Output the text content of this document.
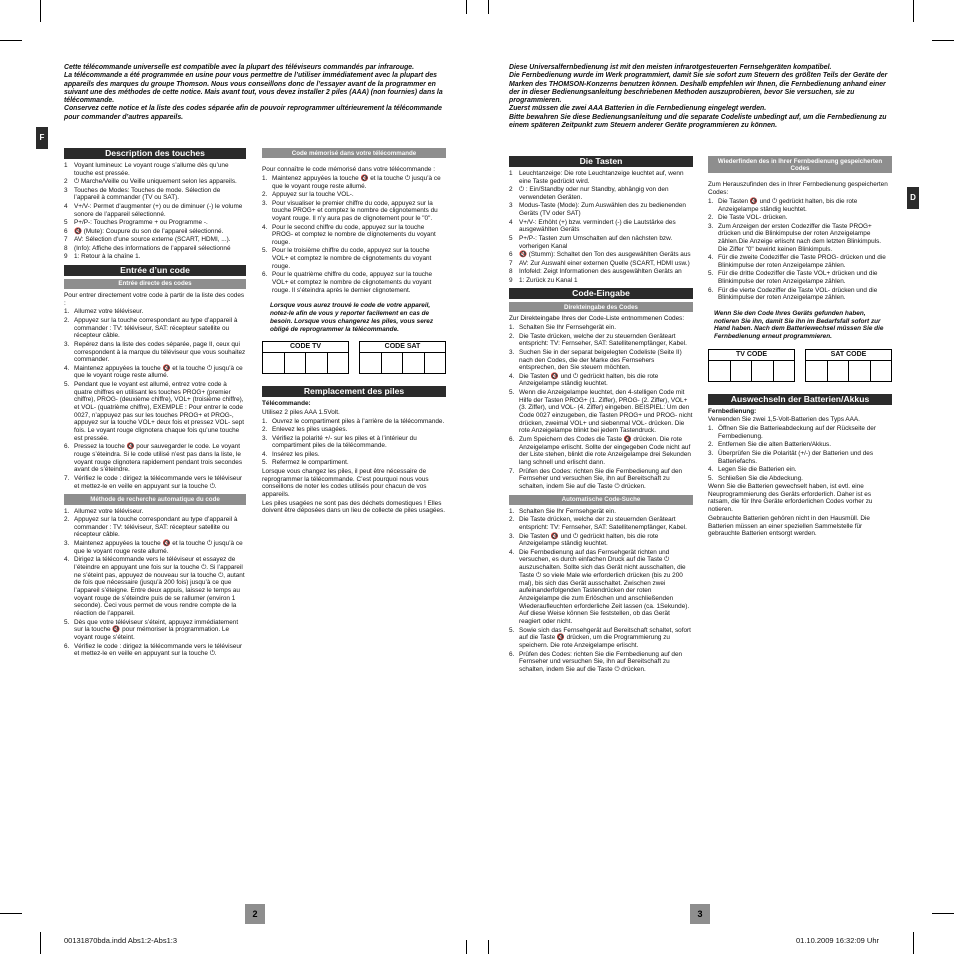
F

Cette télécommande universelle est compatible avec la plupart des téléviseurs commandés par infrarouge.

La télécommande a été programmée en usine pour vous permettre de l’utiliser immédiatement avec la plupart des appareils des marques du groupe Thomson. Nous vous conseillons donc de l’essayer avant de la programmer en suivant une des méthodes de cette notice. Mais avant tout, vous devez installer 2 piles (AAA) (non fournies) dans la télécommande.

Conservez cette notice et la liste des codes séparée afin de pouvoir reprogrammer ultérieurement la télécommande pour commander d’autres appareils.

Description des touches
1	Voyant lumineux: Le voyant rouge s’allume dès qu’une touche est pressée.
2	⏻ Marche/Veille ou Veille uniquement selon les appareils.
3	Touches de Modes: Touches de mode. Sélection de l’appareil à commander (TV ou SAT).
4	V+/V-: Permet d’augmenter (+) ou de diminuer (-) le volume sonore de l’appareil sélectionné.
5	P+/P-: Touches Programme + ou Programme -.
6	🔇 (Mute): Coupure du son de l’appareil sélectionné.
7	AV: Sélection d’une source externe (SCART, HDMI, ...).
8	(Info): Affiche des informations de l’appareil sélectionné
9	1: Retour à la chaîne 1.
Entrée d’un code
Entrée directe des codes

Pour entrer directement votre code à partir de la liste des codes :

1. Allumez votre téléviseur.
2. Appuyez sur la touche correspondant au type d’appareil à commander : TV: téléviseur, SAT: récepteur satellite ou récepteur câble.
3. Repérez dans la liste des codes séparée, page II, ceux qui correspondent à la marque du téléviseur que vous souhaitez commander.
4. Maintenez appuyées la touche 🔇 et la touche ⏻ jusqu’à ce que le voyant rouge reste allumé.
5. Pendant que le voyant est allumé, entrez votre code à quatre chiffres en utilisant les touches PROG+ (premier chiffre), PROG- (deuxième chiffre), VOL+ (troisième chiffre), et VOL- (quatrième chiffre), EXEMPLE : Pour entrer le code 0027, n’appuyez pas sur les touches PROG+ et PROG-, appuyez sur la touche VOL+ deux fois et pressez VOL- sept fois. Le voyant rouge clignotera chaque fois qu’une touche est pressée.
6. Pressez la touche 🔇 pour sauvegarder le code. Le voyant rouge s’éteindra. Si le code utilisé n’est pas dans la liste, le voyant rouge clignotera rapidement pendant trois secondes avant de s’éteindre.
7. Vérifiez le code : dirigez la télécommande vers le téléviseur et mettez-le en veille en appuyant sur la touche ⏻.
Méthode de recherche automatique du code
1. Allumez votre téléviseur.
2. Appuyez sur la touche correspondant au type d’appareil à commander : TV: téléviseur, SAT: récepteur satellite ou récepteur câble.
3. Maintenez appuyées la touche 🔇 et la touche ⏻ jusqu’à ce que le voyant rouge reste allumé.
4. Dirigez la télécommande vers le téléviseur et essayez de l’éteindre en appuyant une fois sur la touche ⏻. Si l’appareil ne s’éteint pas, appuyez de nouveau sur la touche ⏻, autant de fois que nécessaire (jusqu’à 200 fois) jusqu’à ce que l’appareil s’éteigne. Entre deux appuis, laissez le temps au voyant rouge de s’éteindre puis de se rallumer (environ 1 seconde). Ceci vous permet de vous rendre compte de la réaction de l’appareil.
5. Dès que votre téléviseur s’éteint, appuyez immédiatement sur la touche 🔇 pour mémoriser la programmation. Le voyant rouge s’éteint.
6. Vérifiez le code : dirigez la télécommande vers le téléviseur et mettez-le en veille en appuyant sur la touche ⏻.
Code mémorisé dans votre télécommande

Pour connaître le code mémorisé dans votre télécommande :

1. Maintenez appuyées la touche 🔇 et la touche ⏻ jusqu’à ce que le voyant rouge reste allumé.
2. Appuyez sur la touche VOL-.
3. Pour visualiser le premier chiffre du code, appuyez sur la touche PROG+ et comptez le nombre de clignotements du voyant rouge. Il n’y aura pas de clignotement pour le "0".
4. Pour le second chiffre du code, appuyez sur la touche PROG- et comptez le nombre de clignotements du voyant rouge.
5. Pour le troisième chiffre du code, appuyez sur la touche VOL+ et comptez le nombre de clignotements du voyant rouge.
6. Pour le quatrième chiffre du code, appuyez sur la touche VOL+ et comptez le nombre de clignotements du voyant rouge. Il s’éteindra après le dernier clignotement.

Lorsque vous aurez trouvé le code de votre appareil, notez-le afin de vous y reporter facilement en cas de besoin. Lorsque vous changerez les piles, vous serez obligé de reprogrammer la télécommande.

CODE TV	CODE SAT
Remplacement des piles

Télécommande:

Utilisez 2 piles AAA 1.5Volt.

1. Ouvrez le compartiment piles à l’arrière de la télécommande.
2. Enlevez les piles usagées.
3. Vérifiez la polarité +/- sur les piles et à l’intérieur du compartiment piles de la télécommande.
4. Insérez les piles.
5. Refermez le compartiment.

Lorsque vous changez les piles, il peut être nécessaire de reprogrammer la télécommande. C’est pourquoi nous vous conseillons de noter les codes utilisés pour chacun de vos appareils.

Les piles usagées ne sont pas des déchets domestiques ! Elles doivent être déposées dans un lieu de collecte de piles usagées.

2
D

Diese Universalfernbedienung ist mit den meisten infrarotgesteuerten Fernsehgeräten kompatibel.

Die Fernbedienung wurde im Werk programmiert, damit Sie sie sofort zum Steuern des größten Teils der Geräte der Marken des THOMSON-Konzerns benutzen können. Deshalb empfehlen wir Ihnen, die Fernbedienung anhand einer der in dieser Bedienungsanleitung beschriebenen Methoden auszuprobieren, bevor Sie versuchen, sie zu programmieren.

Zuerst müssen die zwei AAA Batterien in die Fernbedienung eingelegt werden.

Bitte bewahren Sie diese Bedienungsanleitung und die separate Codeliste unbedingt auf, um die Fernbedienung zu einem späteren Zeitpunkt zum Steuern anderer Geräte programmieren zu können.

Die Tasten
1	Leuchtanzeige: Die rote Leuchtanzeige leuchtet auf, wenn eine Taste gedrückt wird.
2	⏻ : Ein/Standby oder nur Standby, abhängig von den verwendeten Geräten.
3	Modus-Taste (Mode): Zum Auswählen des zu bedienenden Geräts (TV oder SAT)
4	V+/V-: Erhöht (+) bzw. vermindert (-) die Lautstärke des ausgewählten Geräts
5	P+/P-: Tasten zum Umschalten auf den nächsten bzw. vorherigen Kanal
6	🔇 (Stumm): Schaltet den Ton des ausgewählten Geräts aus
7	AV: Zur Auswahl einer externen Quelle (SCART, HDMI usw.)
8	Infofeld: Zeigt Informationen des ausgewählten Geräts an
9	1: Zurück zu Kanal 1
Code-Eingabe
Direkteingabe des Codes

Zur Direkteingabe Ihres der Code-Liste entnommenen Codes:

1. Schalten Sie Ihr Fernsehgerät ein.
2. Die Taste drücken, welche der zu steuernden Geräteart entspricht: TV: Fernseher, SAT: Satellitenempfänger, Kabel.
3. Suchen Sie in der separat beigelegten Codeliste (Seite II) nach den Codes, die der Marke des Fernsehers entsprechen, den Sie steuern möchten.
4. Die Tasten 🔇 und ⏻ gedrückt halten, bis die rote Anzeigelampe ständig leuchtet.
5. Wenn die Anzeigelampe leuchtet, den 4-stelligen Code mit Hilfe der Tasten PROG+ (1. Ziffer), PROG- (2. Ziffer), VOL+ (3. Ziffer), und VOL- (4. Ziffer) eingeben. BEISPIEL: Um den Code 0027 einzugeben, die Tasten PROG+ und PROG- nicht drücken, zweimal VOL+ und siebenmal VOL- drücken. Die rote Anzeigelampe blinkt bei jedem Tastendruck.
6. Zum Speichern des Codes die Taste 🔇 drücken. Die rote Anzeigelampe erlischt. Sollte der eingegeben Code nicht auf der Liste stehen, blinkt die rote Anzeigelampe drei Sekunden lang schnell und erlischt dann.
7. Prüfen des Codes: richten Sie die Fernbedienung auf den Fernseher und versuchen Sie, ihn auf Bereitschaft zu schalten, indem Sie auf die Taste ⏻ drücken.
Automatische Code-Suche
1. Schalten Sie Ihr Fernsehgerät ein.
2. Die Taste drücken, welche der zu steuernden Geräteart entspricht: TV: Fernseher, SAT: Satellitenempfänger, Kabel.
3. Die Tasten 🔇 und ⏻ gedrückt halten, bis die rote Anzeigelampe ständig leuchtet.
4. Die Fernbedienung auf das Fernsehgerät richten und versuchen, es durch einfachen Druck auf die Taste ⏻ auszuschalten. Sollte sich das Gerät nicht ausschalten, die Taste ⏻ so viele Male wie erforderlich drücken (bis zu 200 mal), bis sich das Gerät ausschaltet. Zwischen zwei aufeinanderfolgenden Tastendrücken der roten Anzeigelampe die zum Erlöschen und anschließenden Wiederaufleuchten erforderliche Zeit lassen (ca. 1Sekunde). Auf diese Weise können Sie feststellen, ob das Gerät reagiert oder nicht.
5. Sowie sich das Fernsehgerät auf Bereitschaft schaltet, sofort auf die Taste 🔇 drücken, um die Programmierung zu speichern. Die rote Anzeigelampe erlischt.
6. Prüfen des Codes: richten Sie die Fernbedienung auf den Fernseher und versuchen Sie, ihn auf Bereitschaft zu schalten, indem Sie auf die Taste ⏻ drücken.
Wiederfinden des in Ihrer Fernbedienung gespeicherten Codes

Zum Herauszufinden des in Ihrer Fernbedienung gespeicherten Codes:

1. Die Tasten 🔇 und ⏻ gedrückt halten, bis die rote Anzeigelampe ständig leuchtet.
2. Die Taste VOL- drücken.
3. Zum Anzeigen der ersten Codeziffer die Taste PROG+ drücken und die Blinkimpulse der roten Anzeigelampe zählen.Die Anzeige erlischt nach dem letzten Blinkimpuls. Die Ziffer "0" bewirkt keinen Blinkimpuls.
4. Für die zweite Codeziffer die Taste PROG- drücken und die Blinkimpulse der roten Anzeigelampe zählen.
5. Für die dritte Codeziffer die Taste VOL+ drücken und die Blinkimpulse der roten Anzeigelampe zählen.
6. Für die vierte Codeziffer die Taste VOL- drücken und die Blinkimpulse der roten Anzeigelampe zählen.

Wenn Sie den Code Ihres Geräts gefunden haben, notieren Sie ihn, damit Sie ihn im Bedarfsfall sofort zur Hand haben. Nach dem Batteriewechsel müssen Sie die Fernbedienung erneut programmieren.

TV CODE	SAT CODE
Auswechseln der Batterien/Akkus

Fernbedienung:

Verwenden Sie zwei 1,5-Volt-Batterien des Typs AAA.

1. Öffnen Sie die Batterieabdeckung auf der Rückseite der Fernbedienung.
2. Entfernen Sie die alten Batterien/Akkus.
3. Überprüfen Sie die Polarität (+/-) der Batterien und des Batteriefachs.
4. Legen Sie die Batterien ein.
5. Schließen Sie die Abdeckung.

Wenn Sie die Batterien gewechselt haben, ist evtl. eine Neuprogrammierung des Geräts erforderlich. Daher ist es ratsam, die für Ihre Geräte erforderlichen Codes vorher zu notieren.

Gebrauchte Batterien gehören nicht in den Hausmüll. Die Batterien müssen an einer speziellen Sammelstelle für gebrauchte Batterien entsorgt werden.

3
00131870bda.indd Abs1:2-Abs1:3	01.10.2009 16:32:09 Uhr
